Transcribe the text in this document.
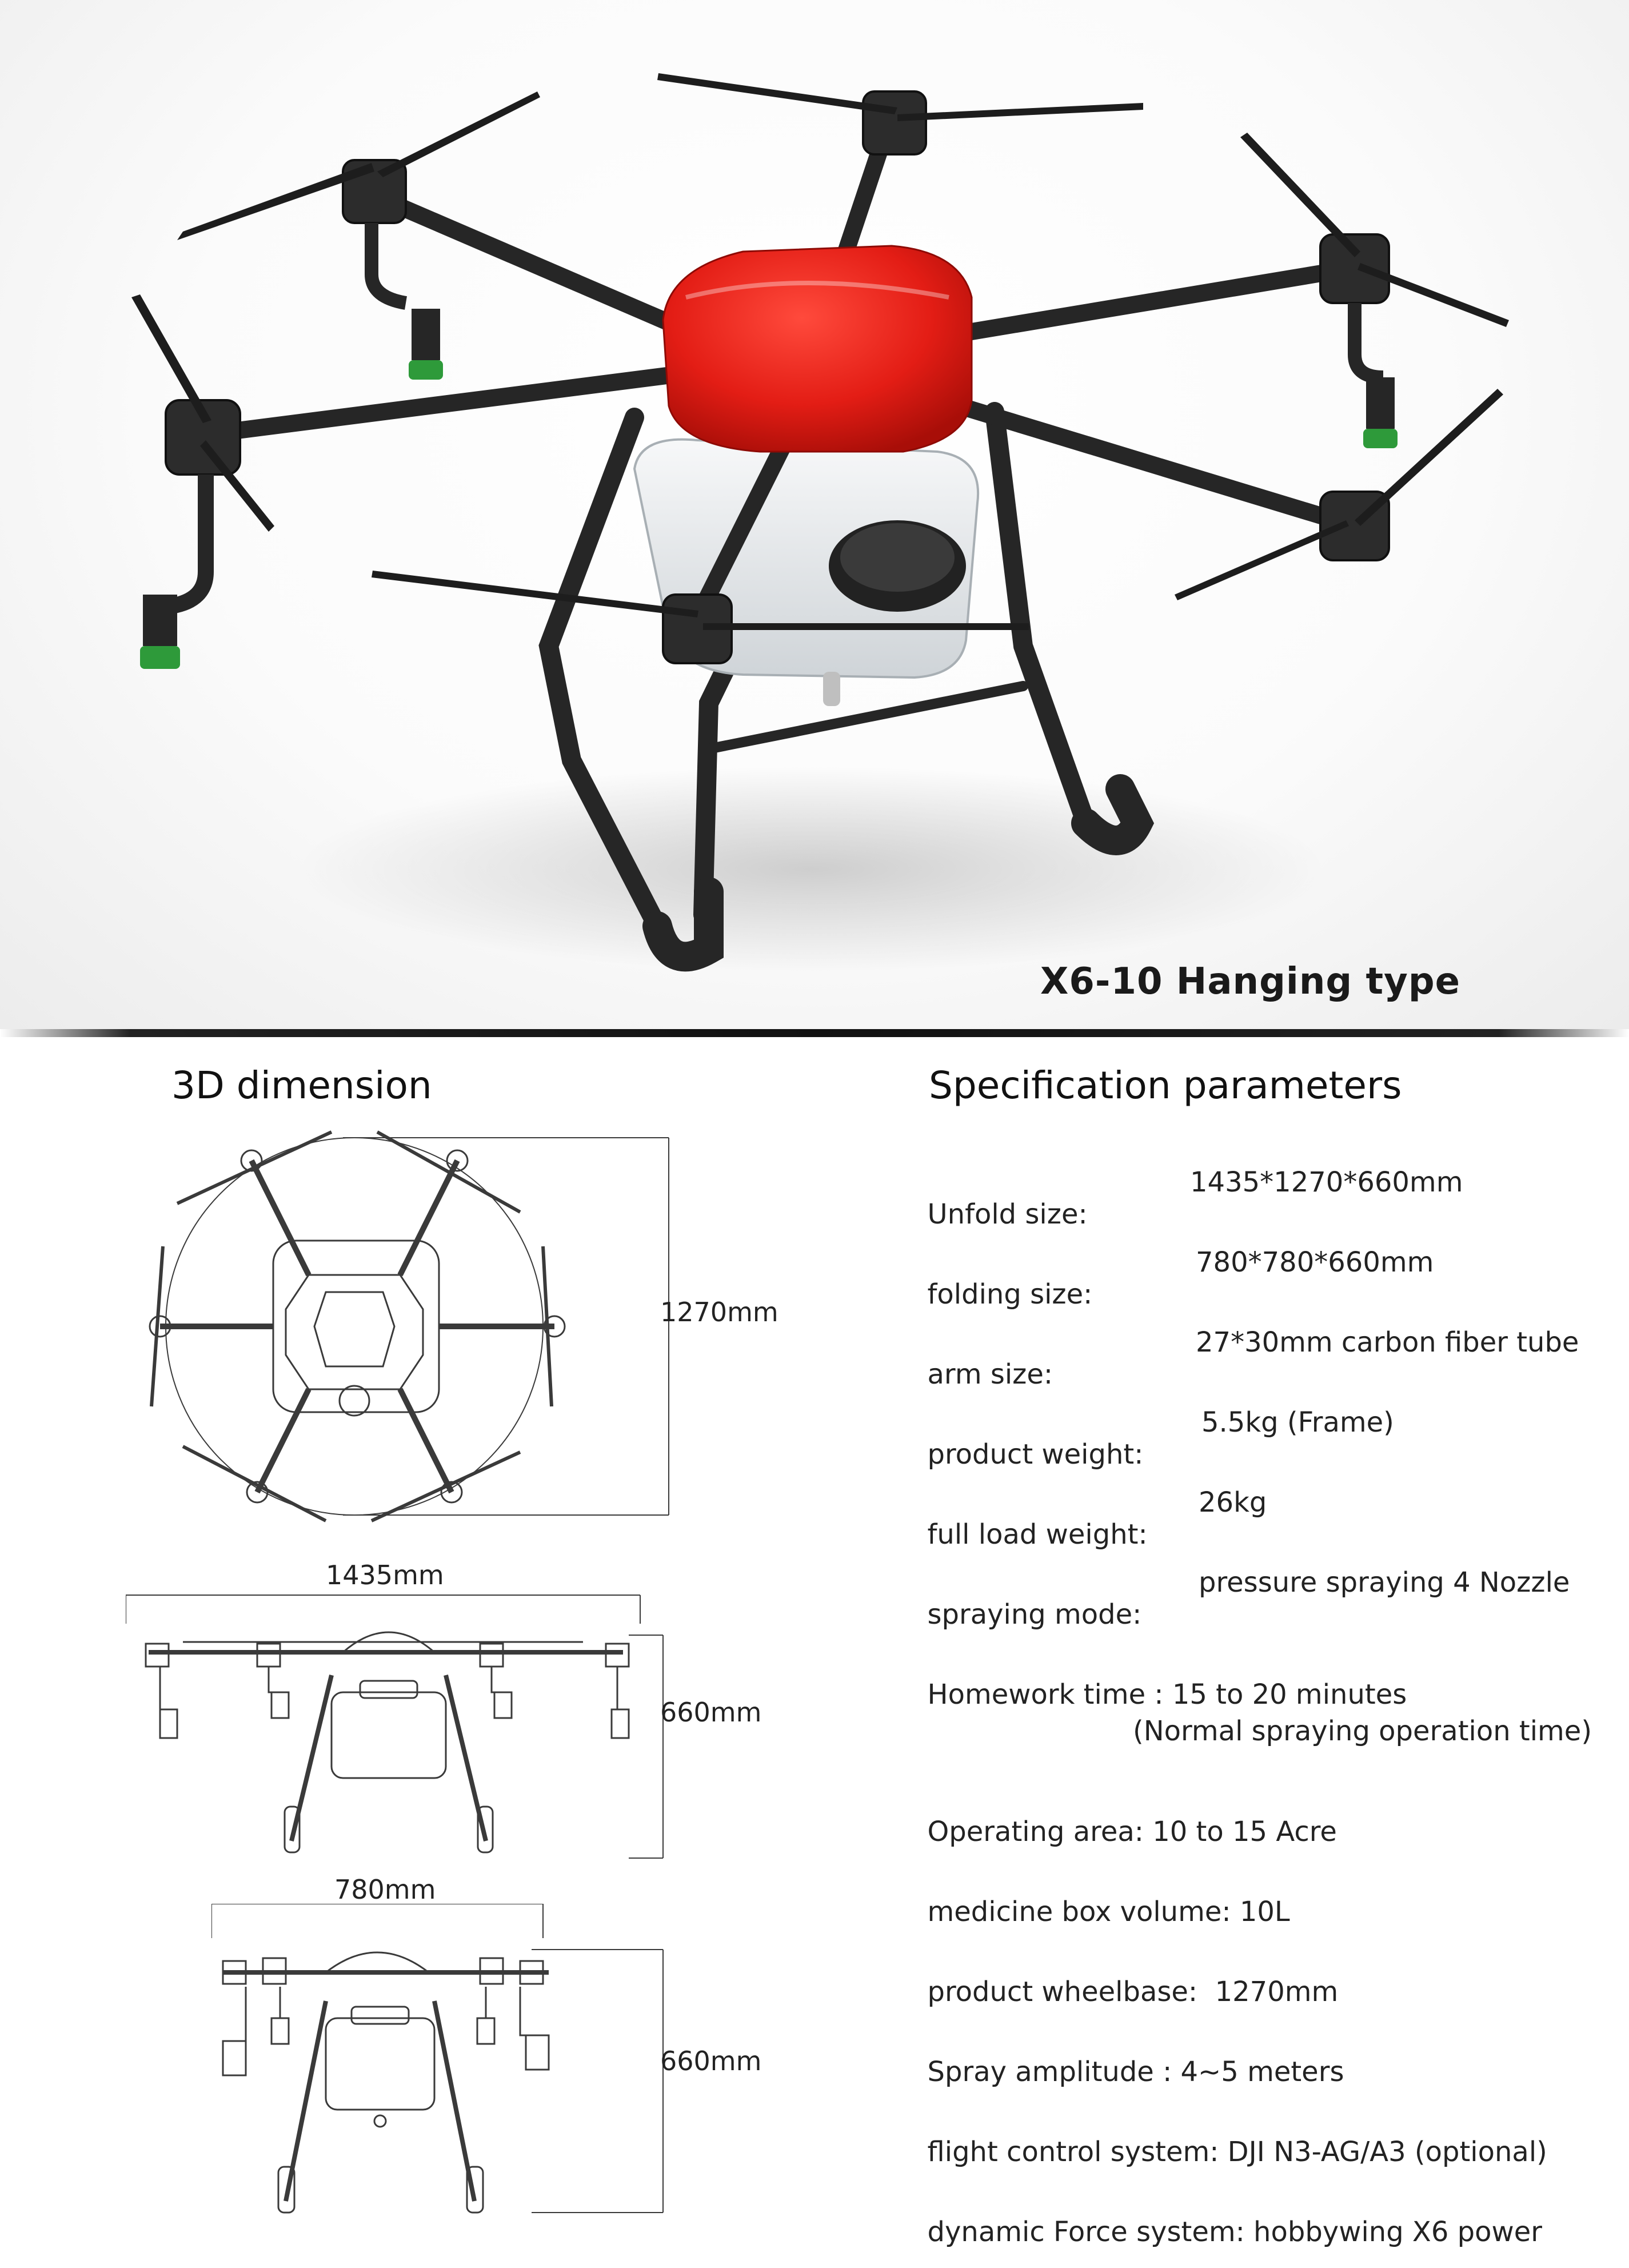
X6-10 Hanging type
3D dimension	Specification parameters
1270mm
1435mm
660mm
780mm
660mm

Unfold size:

1435*1270*660mm

folding size:

780*780*660mm

arm size:

27*30mm carbon fiber tube

product weight:

5.5kg (Frame)

full load weight:

26kg

spraying mode:

pressure spraying 4 Nozzle

Homework time : 15 to 20 minutes

(Normal spraying operation time)

Operating area: 10 to 15 Acre

medicine box volume: 10L

product wheelbase:  1270mm

Spray amplitude : 4~5 meters

flight control system: DJI N3-AG/A3 (optional)

dynamic Force system: hobbywing X6 power
